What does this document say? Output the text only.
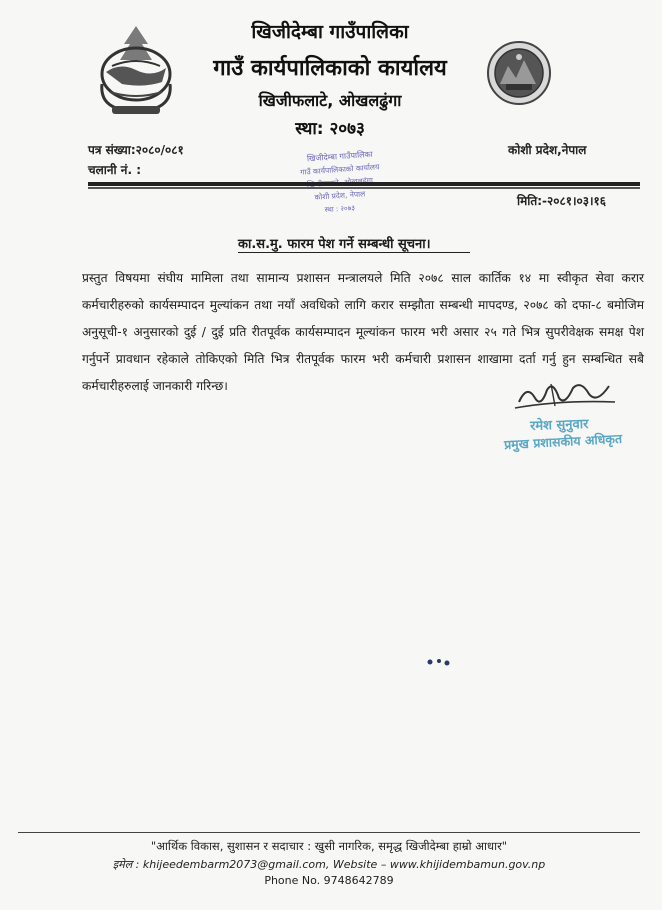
खिजीदेम्बा गाउँपालिका
गाउँ कार्यपालिकाको कार्यालय
खिजीफलाटे, ओखलढुंगा
स्था: २०७३
पत्र संख्या:२०८०/०८१
चलानी नं. :
कोशी प्रदेश,नेपाल
खिजीदेम्बा गाउँपालिका
गाउँ कार्यपालिकाको कार्यालय
कोशी प्रदेश, नेपाल
स्था : २०७३
मिति:-२०८१।०३।१६
का.स.मु. फारम पेश गर्ने सम्बन्धी सूचना।
प्रस्तुत विषयमा संघीय मामिला तथा सामान्य प्रशासन मन्त्रालयले मिति २०७८ साल कार्तिक १४ मा स्वीकृत सेवा करार कर्मचारीहरुको कार्यसम्पादन मुल्यांकन तथा नयाँ अवधिको लागि करार सम्झौता सम्बन्धी मापदण्ड, २०७८ को दफा-८ बमोजिम अनुसूची-१ अनुसारको दुई / दुई प्रति रीतपूर्वक कार्यसम्पादन मूल्यांकन फारम भरी असार २५ गते भित्र सुपरीवेक्षक समक्ष पेश गर्नुपर्ने प्रावधान रहेकाले तोकिएको मिति भित्र रीतपूर्वक फारम भरी कर्मचारी प्रशासन शाखामा दर्ता गर्नु हुन सम्बन्धित सबै कर्मचारीहरुलाई जानकारी गरिन्छ।
रमेश सुनुवार
प्रमुख प्रशासकीय अधिकृत
"आर्थिक विकास, सुशासन र सदाचार : खुसी नागरिक, समृद्ध खिजीदेम्बा हाम्रो आधार"
इमेल : khijeedembarm2073@gmail.com, Website – www.khijidembamun.gov.np
Phone No. 9748642789
